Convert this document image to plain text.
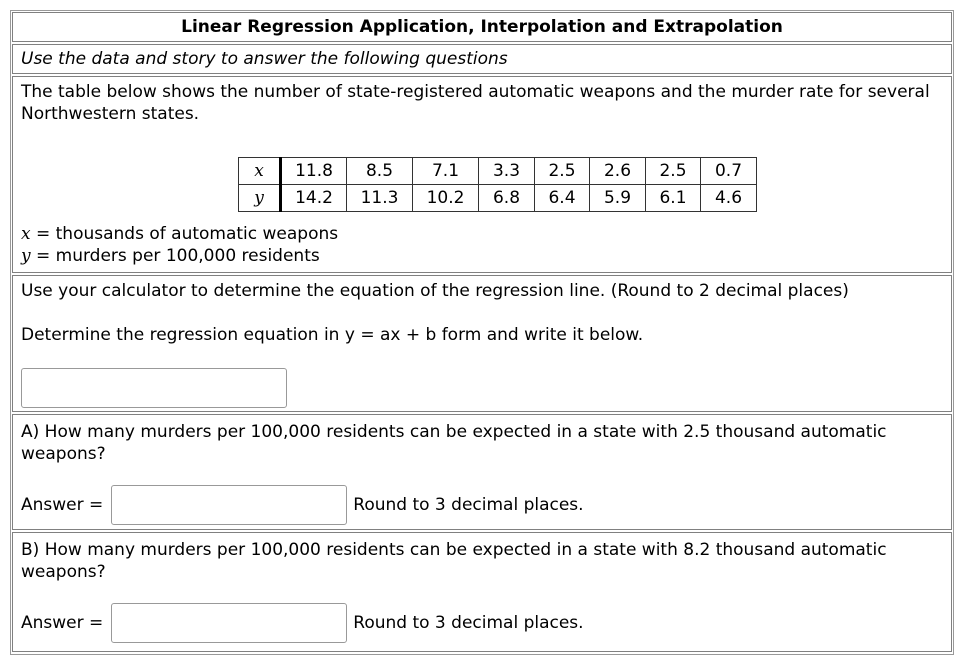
Linear Regression Application, Interpolation and Extrapolation
Use the data and story to answer the following questions
The table below shows the number of state-registered automatic weapons and the murder rate for several Northwestern states.
x	11.8	8.5	7.1	3.3	2.5	2.6	2.5	0.7
y	14.2	11.3	10.2	6.8	6.4	5.9	6.1	4.6
x = thousands of automatic weapons
y = murders per 100,000 residents
Use your calculator to determine the equation of the regression line. (Round to 2 decimal places)
Determine the regression equation in y = ax + b form and write it below.
A) How many murders per 100,000 residents can be expected in a state with 2.5 thousand automatic weapons?
Answer =	Round to 3 decimal places.
B) How many murders per 100,000 residents can be expected in a state with 8.2 thousand automatic weapons?
Answer =	Round to 3 decimal places.
